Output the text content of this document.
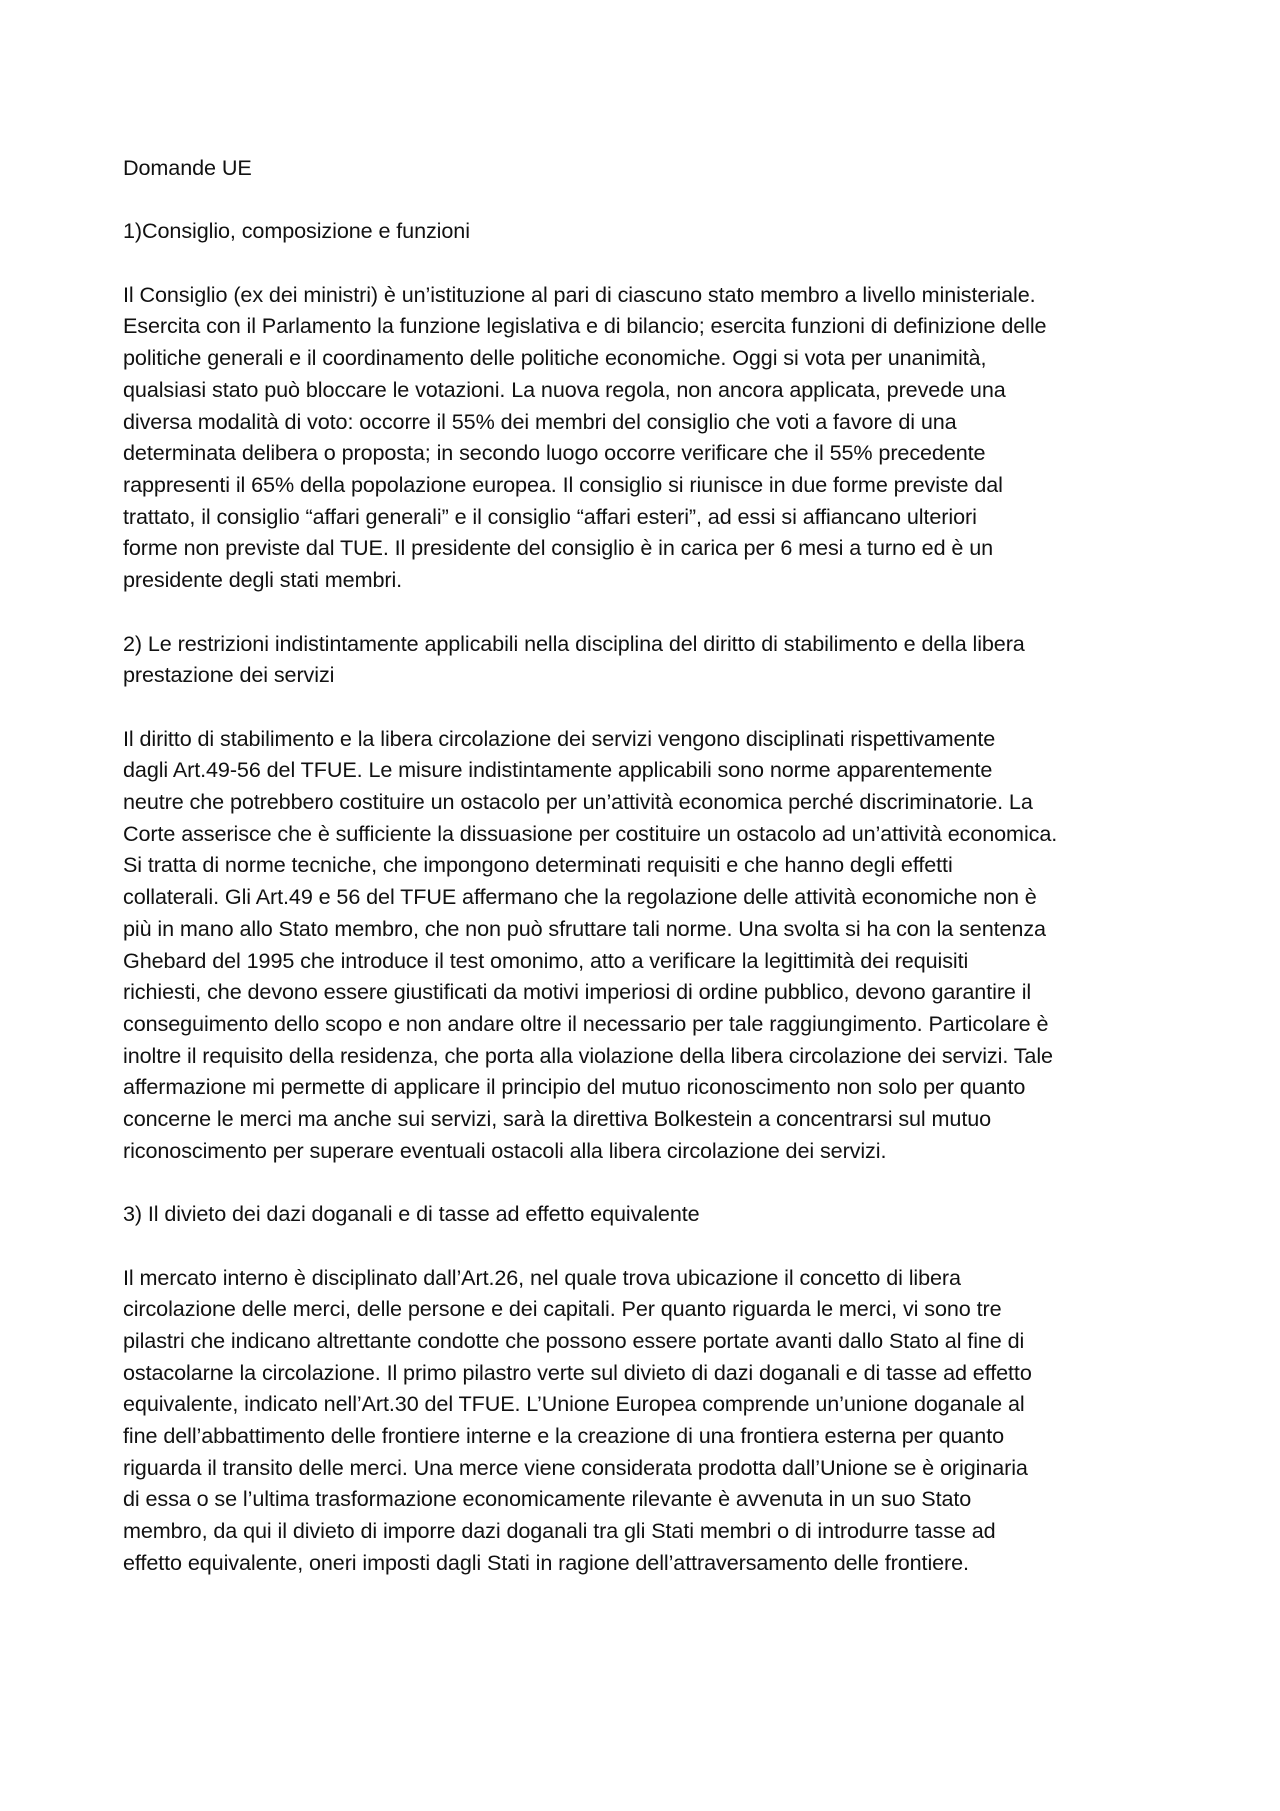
Domande UE

1)Consiglio, composizione e funzioni

Il Consiglio (ex dei ministri) è un’istituzione al pari di ciascuno stato membro a livello ministeriale.
Esercita con il Parlamento la funzione legislativa e di bilancio; esercita funzioni di definizione delle
politiche generali e il coordinamento delle politiche economiche. Oggi si vota per unanimità,
qualsiasi stato può bloccare le votazioni. La nuova regola, non ancora applicata, prevede una
diversa modalità di voto: occorre il 55% dei membri del consiglio che voti a favore di una
determinata delibera o proposta; in secondo luogo occorre verificare che il 55% precedente
rappresenti il 65% della popolazione europea. Il consiglio si riunisce in due forme previste dal
trattato, il consiglio “affari generali” e il consiglio “affari esteri”, ad essi si affiancano ulteriori
forme non previste dal TUE. Il presidente del consiglio è in carica per 6 mesi a turno ed è un
presidente degli stati membri.

2) Le restrizioni indistintamente applicabili nella disciplina del diritto di stabilimento e della libera
prestazione dei servizi

Il diritto di stabilimento e la libera circolazione dei servizi vengono disciplinati rispettivamente
dagli Art.49-56 del TFUE. Le misure indistintamente applicabili sono norme apparentemente
neutre che potrebbero costituire un ostacolo per un’attività economica perché discriminatorie. La
Corte asserisce che è sufficiente la dissuasione per costituire un ostacolo ad un’attività economica.
Si tratta di norme tecniche, che impongono determinati requisiti e che hanno degli effetti
collaterali. Gli Art.49 e 56 del TFUE affermano che la regolazione delle attività economiche non è
più in mano allo Stato membro, che non può sfruttare tali norme. Una svolta si ha con la sentenza
Ghebard del 1995 che introduce il test omonimo, atto a verificare la legittimità dei requisiti
richiesti, che devono essere giustificati da motivi imperiosi di ordine pubblico, devono garantire il
conseguimento dello scopo e non andare oltre il necessario per tale raggiungimento. Particolare è
inoltre il requisito della residenza, che porta alla violazione della libera circolazione dei servizi. Tale
affermazione mi permette di applicare il principio del mutuo riconoscimento non solo per quanto
concerne le merci ma anche sui servizi, sarà la direttiva Bolkestein a concentrarsi sul mutuo
riconoscimento per superare eventuali ostacoli alla libera circolazione dei servizi.

3) Il divieto dei dazi doganali e di tasse ad effetto equivalente

Il mercato interno è disciplinato dall’Art.26, nel quale trova ubicazione il concetto di libera
circolazione delle merci, delle persone e dei capitali. Per quanto riguarda le merci, vi sono tre
pilastri che indicano altrettante condotte che possono essere portate avanti dallo Stato al fine di
ostacolarne la circolazione. Il primo pilastro verte sul divieto di dazi doganali e di tasse ad effetto
equivalente, indicato nell’Art.30 del TFUE. L’Unione Europea comprende un’unione doganale al
fine dell’abbattimento delle frontiere interne e la creazione di una frontiera esterna per quanto
riguarda il transito delle merci. Una merce viene considerata prodotta dall’Unione se è originaria
di essa o se l’ultima trasformazione economicamente rilevante è avvenuta in un suo Stato
membro, da qui il divieto di imporre dazi doganali tra gli Stati membri o di introdurre tasse ad
effetto equivalente, oneri imposti dagli Stati in ragione dell’attraversamento delle frontiere.
